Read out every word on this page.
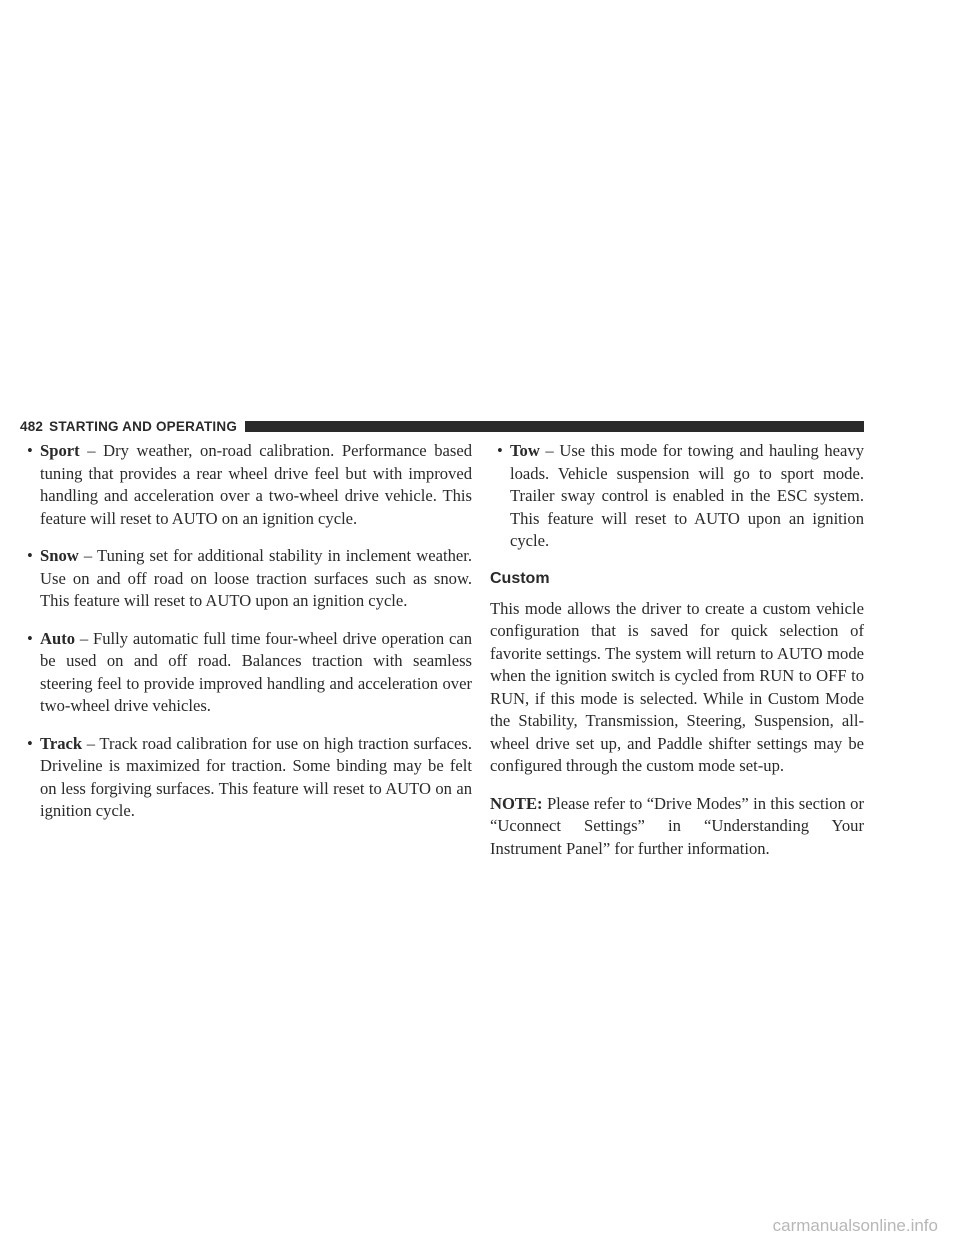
482 STARTING AND OPERATING
• Sport – Dry weather, on-road calibration. Performance based tuning that provides a rear wheel drive feel but with improved handling and acceleration over a two-wheel drive vehicle. This feature will reset to AUTO on an ignition cycle.
• Snow – Tuning set for additional stability in inclement weather. Use on and off road on loose traction surfaces such as snow. This feature will reset to AUTO upon an ignition cycle.
• Auto – Fully automatic full time four-wheel drive operation can be used on and off road. Balances traction with seamless steering feel to provide improved handling and acceleration over two-wheel drive vehicles.
• Track – Track road calibration for use on high traction surfaces. Driveline is maximized for traction. Some binding may be felt on less forgiving surfaces. This feature will reset to AUTO on an ignition cycle.
• Tow – Use this mode for towing and hauling heavy loads. Vehicle suspension will go to sport mode. Trailer sway control is enabled in the ESC system. This feature will reset to AUTO upon an ignition cycle.
Custom

This mode allows the driver to create a custom vehicle configuration that is saved for quick selection of favorite settings. The system will return to AUTO mode when the ignition switch is cycled from RUN to OFF to RUN, if this mode is selected. While in Custom Mode the Stability, Transmission, Steering, Suspension, all-wheel drive set up, and Paddle shifter settings may be configured through the custom mode set-up.

NOTE: Please refer to “Drive Modes” in this section or “Uconnect Settings” in “Understanding Your Instrument Panel” for further information.

carmanualsonline.info
